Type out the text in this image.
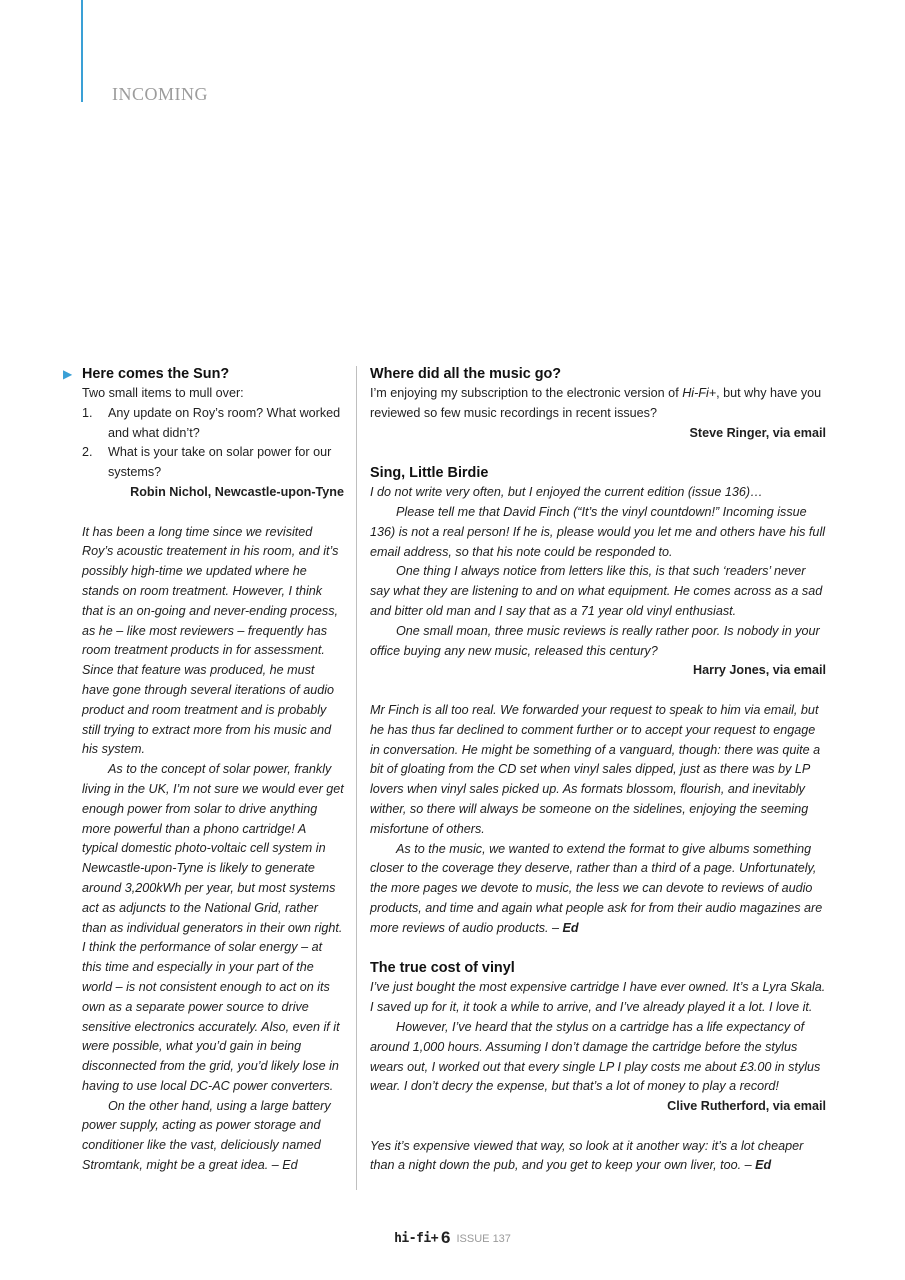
INCOMING
▶ Here comes the Sun?

Two small items to mull over:

1. Any update on Roy’s room? What worked and what didn’t?
2. What is your take on solar power for our systems?

Robin Nichol, Newcastle-upon-Tyne

It has been a long time since we revisited Roy’s acoustic treatement in his room, and it’s possibly high-time we updated where he stands on room treatment. However, I think that is an on-going and never-ending process, as he – like most reviewers – frequently has room treatment products in for assessment. Since that feature was produced, he must have gone through several iterations of audio product and room treatment and is probably still trying to extract more from his music and his system.

As to the concept of solar power, frankly living in the UK, I’m not sure we would ever get enough power from solar to drive anything more powerful than a phono cartridge! A typical domestic photo-voltaic cell system in Newcastle-upon-Tyne is likely to generate around 3,200kWh per year, but most systems act as adjuncts to the National Grid, rather than as individual generators in their own right. I think the performance of solar energy – at this time and especially in your part of the world – is not consistent enough to act on its own as a separate power source to drive sensitive electronics accurately. Also, even if it were possible, what you’d gain in being disconnected from the grid, you’d likely lose in having to use local DC-AC power converters.

On the other hand, using a large battery power supply, acting as power storage and conditioner like the vast, deliciously named Stromtank, might be a great idea. – Ed

Where did all the music go?

I’m enjoying my subscription to the electronic version of Hi-Fi+, but why have you reviewed so few music recordings in recent issues?

Steve Ringer, via email

Sing, Little Birdie

I do not write very often, but I enjoyed the current edition (issue 136)…

Please tell me that David Finch (“It’s the vinyl countdown!” Incoming issue 136) is not a real person! If he is, please would you let me and others have his full email address, so that his note could be responded to.

One thing I always notice from letters like this, is that such ‘readers’ never say what they are listening to and on what equipment. He comes across as a sad and bitter old man and I say that as a 71 year old vinyl enthusiast.

One small moan, three music reviews is really rather poor. Is nobody in your office buying any new music, released this century?

Harry Jones, via email

Mr Finch is all too real. We forwarded your request to speak to him via email, but he has thus far declined to comment further or to accept your request to engage in conversation. He might be something of a vanguard, though: there was quite a bit of gloating from the CD set when vinyl sales dipped, just as there was by LP lovers when vinyl sales picked up. As formats blossom, flourish, and inevitably wither, so there will always be someone on the sidelines, enjoying the seeming misfortune of others.

As to the music, we wanted to extend the format to give albums something closer to the coverage they deserve, rather than a third of a page. Unfortunately, the more pages we devote to music, the less we can devote to reviews of audio products, and time and again what people ask for from their audio magazines are more reviews of audio products. – Ed

The true cost of vinyl

I’ve just bought the most expensive cartridge I have ever owned. It’s a Lyra Skala. I saved up for it, it took a while to arrive, and I’ve already played it a lot. I love it.

However, I’ve heard that the stylus on a cartridge has a life expectancy of around 1,000 hours. Assuming I don’t damage the cartridge before the stylus wears out, I worked out that every single LP I play costs me about £3.00 in stylus wear. I don’t decry the expense, but that’s a lot of money to play a record!

Clive Rutherford, via email

Yes it’s expensive viewed that way, so look at it another way: it’s a lot cheaper than a night down the pub, and you get to keep your own liver, too. – Ed

hi-fi+ 6 ISSUE 137
